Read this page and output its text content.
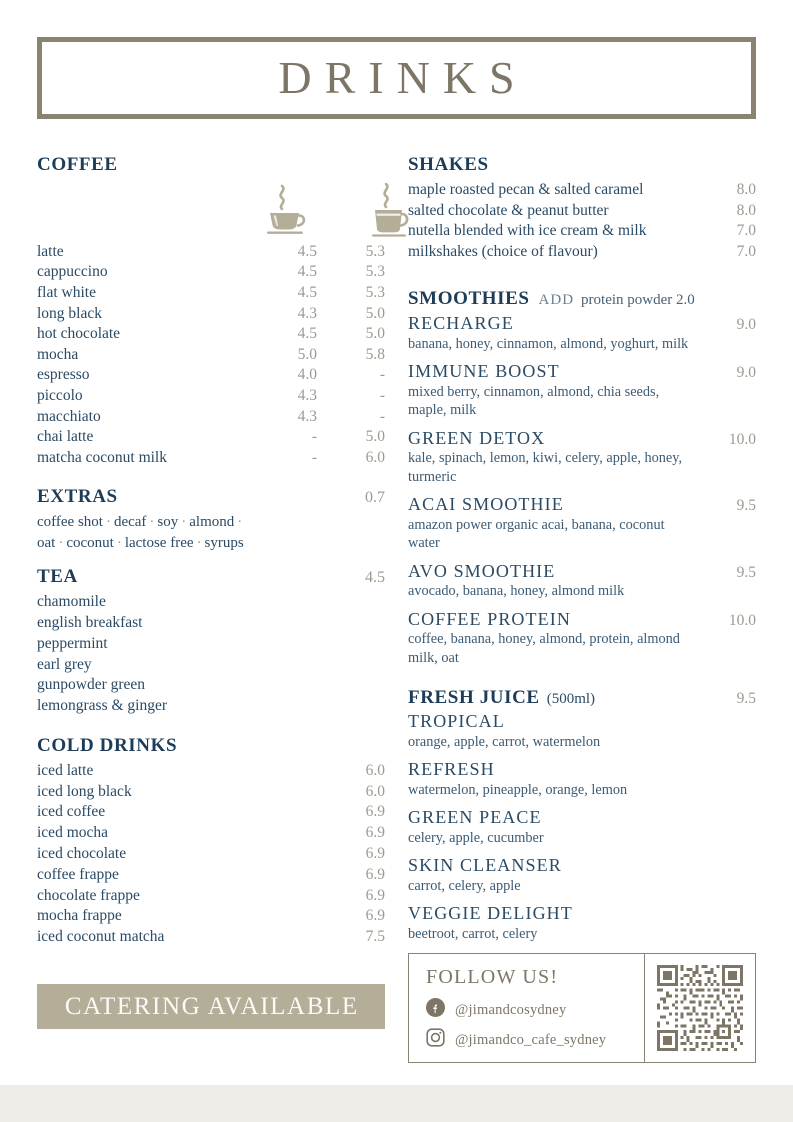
DRINKS
COFFEE
latte	4.5	5.3
cappuccino	4.5	5.3
flat white	4.5	5.3
long black	4.3	5.0
hot chocolate	4.5	5.0
mocha	5.0	5.8
espresso	4.0	-
piccolo	4.3	-
macchiato	4.3	-
chai latte	-	5.0
matcha coconut milk	-	6.0
EXTRAS	0.7
coffee shot · decaf · soy · almond ·
oat · coconut · lactose free · syrups
TEA	4.5
chamomile
english breakfast
peppermint
earl grey
gunpowder green
lemongrass & ginger
COLD DRINKS
iced latte	6.0
iced long black	6.0
iced coffee	6.9
iced mocha	6.9
iced chocolate	6.9
coffee frappe	6.9
chocolate frappe	6.9
mocha frappe	6.9
iced coconut matcha	7.5
SHAKES
maple roasted pecan & salted caramel	8.0
salted chocolate & peanut butter	8.0
nutella blended with ice cream & milk	7.0
milkshakes (choice of flavour)	7.0
SMOOTHIES ADD protein powder 2.0
RECHARGE	9.0
banana, honey, cinnamon, almond, yoghurt, milk
IMMUNE BOOST	9.0
mixed berry, cinnamon, almond, chia seeds, maple, milk
GREEN DETOX	10.0
kale, spinach, lemon, kiwi, celery, apple, honey, turmeric
ACAI SMOOTHIE	9.5
amazon power organic acai, banana, coconut water
AVO SMOOTHIE	9.5
avocado, banana, honey, almond milk
COFFEE PROTEIN	10.0
coffee, banana, honey, almond, protein, almond milk, oat
FRESH JUICE (500ml)	9.5
TROPICAL
orange, apple, carrot, watermelon
REFRESH
watermelon, pineapple, orange, lemon
GREEN PEACE
celery, apple, cucumber
SKIN CLEANSER
carrot, celery, apple
VEGGIE DELIGHT
beetroot, carrot, celery
CATERING AVAILABLE
FOLLOW US!
@jimandcosydney
@jimandco_cafe_sydney
